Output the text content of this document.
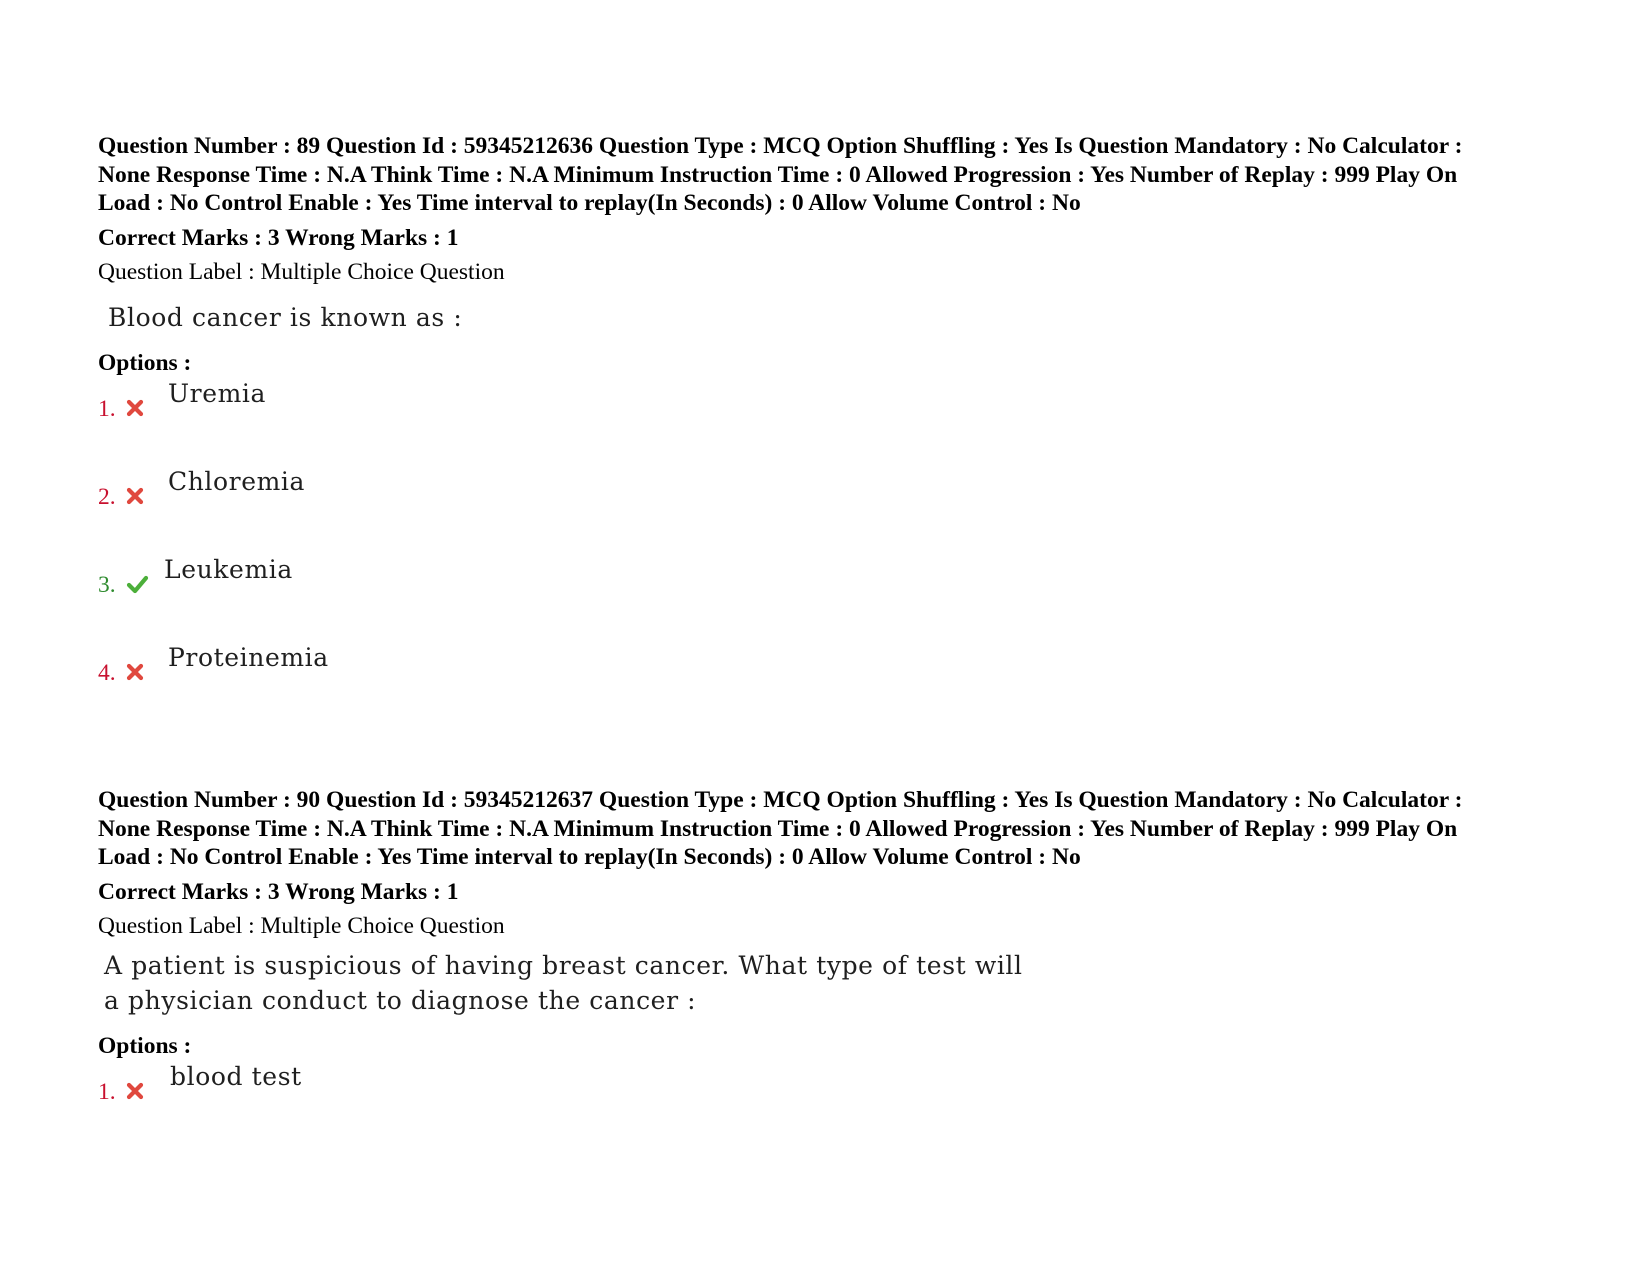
Question Number : 89 Question Id : 59345212636 Question Type : MCQ Option Shuffling : Yes Is Question Mandatory : No Calculator :
None Response Time : N.A Think Time : N.A Minimum Instruction Time : 0 Allowed Progression : Yes Number of Replay : 999 Play On
Load : No Control Enable : Yes Time interval to replay(In Seconds) : 0 Allow Volume Control : No
Correct Marks : 3 Wrong Marks : 1
Question Label : Multiple Choice Question
Blood cancer is known as :
Options :
1.
Uremia
2.
Chloremia
3.
Leukemia
4.
Proteinemia
Question Number : 90 Question Id : 59345212637 Question Type : MCQ Option Shuffling : Yes Is Question Mandatory : No Calculator :
None Response Time : N.A Think Time : N.A Minimum Instruction Time : 0 Allowed Progression : Yes Number of Replay : 999 Play On
Load : No Control Enable : Yes Time interval to replay(In Seconds) : 0 Allow Volume Control : No
Correct Marks : 3 Wrong Marks : 1
Question Label : Multiple Choice Question
A patient is suspicious of having breast cancer. What type of test will
a physician conduct to diagnose the cancer :
Options :
1.
blood test
